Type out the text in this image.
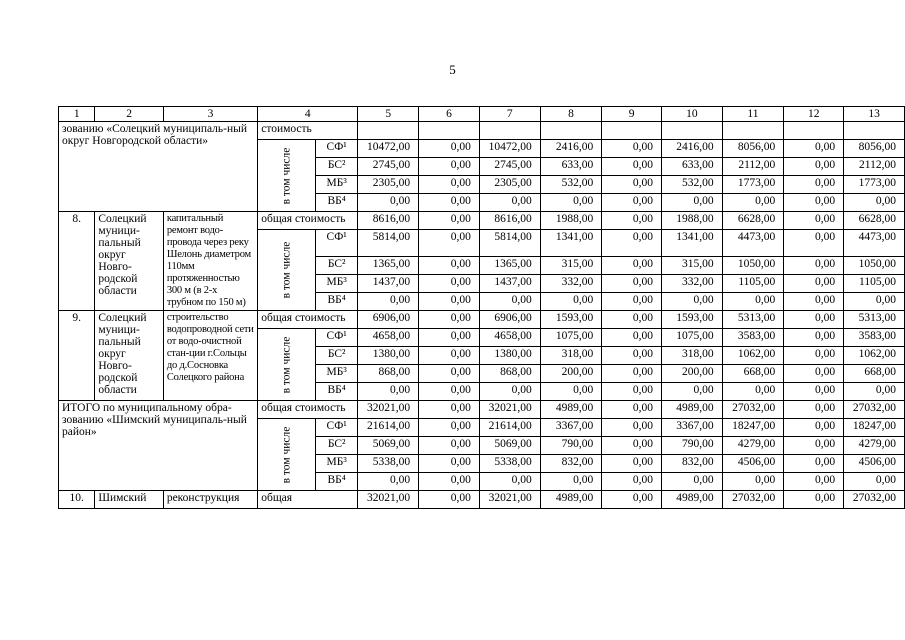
5
1	2	3	4		5	6	7	8	9	10	11	12	13
зованию «Солецкий муниципаль-ный округ Новгородской области»			стоимость										
			в том числе	СФ¹	10472,00	0,00	10472,00	2416,00	0,00	2416,00	8056,00	0,00	8056,00
				БС²	2745,00	0,00	2745,00	633,00	0,00	633,00	2112,00	0,00	2112,00
				МБ³	2305,00	0,00	2305,00	532,00	0,00	532,00	1773,00	0,00	1773,00
				ВБ⁴	0,00	0,00	0,00	0,00	0,00	0,00	0,00	0,00	0,00
8.	Солецкий муници-пальный округ Новго-родской области	капитальный ремонт водо-провода через реку Шелонь диаметром 110мм протяженностью 300 м (в 2-х трубном по 150 м)	общая стоимость		8616,00	0,00	8616,00	1988,00	0,00	1988,00	6628,00	0,00	6628,00
			в том числе	СФ¹	5814,00	0,00	5814,00	1341,00	0,00	1341,00	4473,00	0,00	4473,00
				БС²	1365,00	0,00	1365,00	315,00	0,00	315,00	1050,00	0,00	1050,00
				МБ³	1437,00	0,00	1437,00	332,00	0,00	332,00	1105,00	0,00	1105,00
				ВБ⁴	0,00	0,00	0,00	0,00	0,00	0,00	0,00	0,00	0,00
9.	Солецкий муници-пальный округ Новго-родской области	строительство водопроводной сети от водо-очистной стан-ции г.Сольцы до д.Сосновка Солецкого района	общая стоимость		6906,00	0,00	6906,00	1593,00	0,00	1593,00	5313,00	0,00	5313,00
			в том числе	СФ¹	4658,00	0,00	4658,00	1075,00	0,00	1075,00	3583,00	0,00	3583,00
				БС²	1380,00	0,00	1380,00	318,00	0,00	318,00	1062,00	0,00	1062,00
				МБ³	868,00	0,00	868,00	200,00	0,00	200,00	668,00	0,00	668,00
				ВБ⁴	0,00	0,00	0,00	0,00	0,00	0,00	0,00	0,00	0,00
ИТОГО по муниципальному обра-зованию «Шимский муниципаль-ный район»			общая стоимость		32021,00	0,00	32021,00	4989,00	0,00	4989,00	27032,00	0,00	27032,00
			в том числе	СФ¹	21614,00	0,00	21614,00	3367,00	0,00	3367,00	18247,00	0,00	18247,00
				БС²	5069,00	0,00	5069,00	790,00	0,00	790,00	4279,00	0,00	4279,00
				МБ³	5338,00	0,00	5338,00	832,00	0,00	832,00	4506,00	0,00	4506,00
				ВБ⁴	0,00	0,00	0,00	0,00	0,00	0,00	0,00	0,00	0,00
10.	Шимский	реконструкция	общая		32021,00	0,00	32021,00	4989,00	0,00	4989,00	27032,00	0,00	27032,00
